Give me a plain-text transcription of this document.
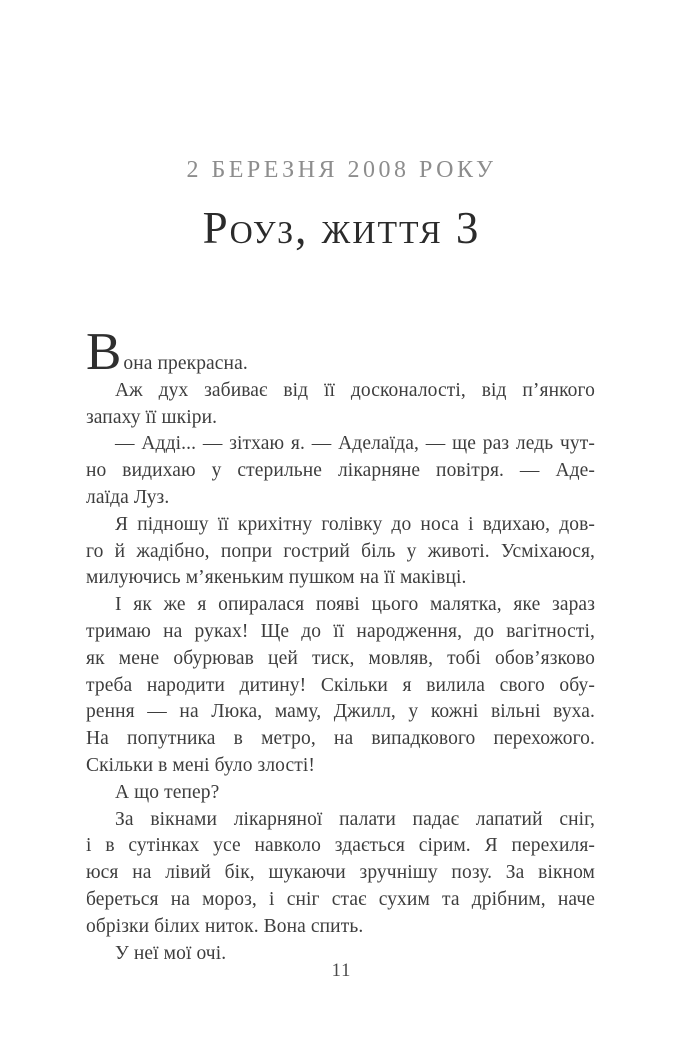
2 БЕРЕЗНЯ 2008 РОКУ
Роуз, життя 3
Вона прекрасна.
Аж дух забиває від її досконалості, від п’янкого
запаху її шкіри.
— Адді... — зітхаю я. — Аделаїда, — ще раз ледь чут-
но видихаю у стерильне лікарняне повітря. — Аде-
лаїда Луз.
Я підношу її крихітну голівку до носа і вдихаю, дов-
го й жадібно, попри гострий біль у животі. Усміхаюся,
милуючись м’якеньким пушком на її маківці.
І як же я опиралася появі цього малятка, яке зараз
тримаю на руках! Ще до її народження, до вагітності,
як мене обурював цей тиск, мовляв, тобі обов’язково
треба народити дитину! Скільки я вилила свого обу-
рення — на Люка, маму, Джилл, у кожні вільні вуха.
На попутника в метро, на випадкового перехожого.
Скільки в мені було злості!
А що тепер?
За вікнами лікарняної палати падає лапатий сніг,
і в сутінках усе навколо здається сірим. Я перехиля-
юся на лівий бік, шукаючи зручнішу позу. За вікном
береться на мороз, і сніг стає сухим та дрібним, наче
обрізки білих ниток. Вона спить.
У неї мої очі.
11
